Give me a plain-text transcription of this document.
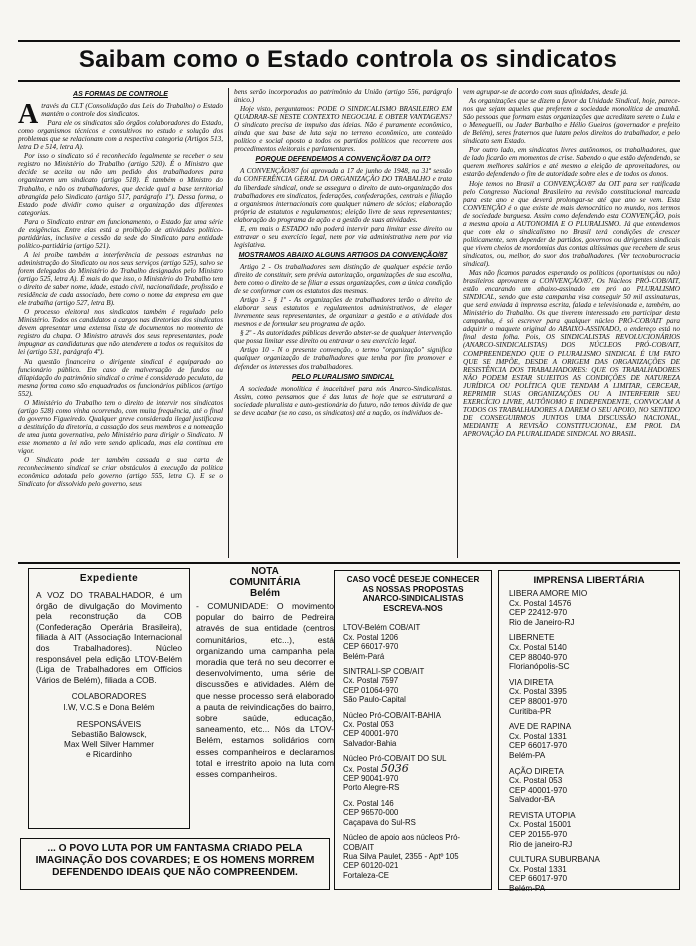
Saibam como o Estado controla os sindicatos
AS FORMAS DE CONTROLE

Através da CLT (Consolidação das Leis do Trabalho) o Estado mantém o controle dos sindicatos.

Para ele os sindicatos são órgãos colaboradores do Estado, como organismos técnicos e consultivos no estudo e solução dos problemas que se relacionam com a respectiva categoria (Artigos 513, letra D e 514, letra A).

Por isso o sindicato só é reconhecido legalmente se receber o seu registro no Ministério do Trabalho (artigo 520). É o Ministro que decide se aceita ou não um pedido dos trabalhadores para organizarem um sindicato (artigo 518). É também o Ministro do Trabalho, e não os trabalhadores, que decide qual a base territorial abrangida pelo Sindicato (artigo 517, parágrafo 1º). Dessa forma, o Estado pode dividir como quiser a organização das diferentes categorias.

Para o Sindicato entrar em funcionamento, o Estado faz uma série de exigências. Entre elas está a proibição de atividades político-partidárias, inclusive a cessão da sede do Sindicato para entidade político-partidária (artigo 521).

A lei proíbe também a interferência de pessoas estranhas na administração do Sindicato ou nos seus serviços (artigo 525), salvo se forem delegados do Ministério do Trabalho designados pelo Ministro (artigo 525, letra A). É mais do que isso, o Ministério do Trabalho tem o direito de saber nome, idade, estado civil, nacionalidade, profissão e residência de cada associado, bem como o nome da empresa em que ele trabalha (artigo 527, letra B).

O processo eleitoral nos sindicatos também é regulado pelo Ministério. Todos os candidatos a cargos nas diretorias dos sindicatos devem apresentar uma extensa lista de documentos no momento de registro da chapa. O Ministro através dos seus representantes, pode impugnar as candidaturas que não atenderem a todos os requisitos da lei (artigo 531, parágrafo 4º).

Na questão financeira o dirigente sindical é equiparado ao funcionário público. Em caso de malversação de fundos ou dilapidação do patrimônio sindical o crime é considerado peculato, da mesma forma como são enquadrados os funcionários públicos (artigo 552).

O Ministério do Trabalho tem o direito de intervir nos sindicatos (artigo 528) como vinha ocorrendo, com muita frequência, até o final do governo Figueiredo. Qualquer greve considerada ilegal justificava a destituição da diretoria, a cassação dos seus membros e a nomeação de uma junta governativa, pelo Ministério para dirigir o Sindicato. N esse momento a lei não vem sendo aplicada, mas ela continua em vigor.

O Sindicato pode ter também cassada a sua carta de reconhecimento sindical se criar obstáculos à execução da política econômica adotada pelo governo (artigo 555, letra C). E se o Sindicato for dissolvido pelo governo, seus

bens serão incorporados ao patrimônio da União (artigo 556, parágrafo único.)

Hoje visto, perguntamos: PODE O SINDICALISMO BRASILEIRO EM QUADRAR-SE NESTE CONTEXTO NEGOCIAL E OBTER VANTAGENS? O sindicato precisa de impulso das ideias. Não é puramente econômico, ainda que sua base de luta seja no terreno econômico, um conteúdo político e social oposto a todos os partidos políticos que recorrem aos procedimentos eleitorais e parlamentares.

PORQUE DEFENDEMOS A CONVENÇÃO/87 DA OIT?

A CONVENÇÃO/87 foi aprovada a 17 de junho de 1948, na 31ª sessão da CONFERÊNCIA GERAL DA ORGANIZAÇÃO DO TRABALHO e trata da liberdade sindical, onde se assegura o direito de auto-organização dos trabalhadores em sindicatos, federações, confederações, centrais e filiação a organismos internacionais com qualquer número de sócios; elaboração própria de estatutos e regulamentos; eleição livre de seus representantes; elaboração do programa de ação e a gestão de suas atividades.

E, em mais o ESTADO não poderá intervir para limitar esse direito ou entravar o seu exercício legal, nem por via administrativa nem por via legislativa.

MOSTRAMOS ABAIXO ALGUNS ARTIGOS DA CONVENÇÃO/87

Artigo 2 - Os trabalhadores sem distinção de qualquer espécie terão direito de constituir, sem prévia autorização, organizações de sua escolha, bem como o direito de se filiar a essas organizações, com a única condição de se conformar com os estatutos das mesmas.

Artigo 3 - § 1º - As organizações de trabalhadores terão o direito de elaborar seus estatutos e regulamentos administrativos, de eleger livremente seus representantes, de organizar a gestão e a atividade dos mesmos e de formular seu programa de ação.

§ 2º - As autoridades públicas deverão abster-se de qualquer intervenção que possa limitar esse direito ou entravar o seu exercício legal.

Artigo 10 - N o presente convenção, o termo "organização" significa qualquer organização de trabalhadores que tenha por fim promover e defender os interesses dos trabalhadores.

PELO PLURALISMO SINDICAL

A sociedade monolítica é inaceitável para nós Anarco-Sindicalistas. Assim, como pensamos que é das lutas de hoje que se estruturará a sociedade pluralista e auto-gestionária do futuro, não temos dúvida de que se deve acabar (se no caso, os sindicatos) até a nação, os indivíduos de-

vem agrupar-se de acordo com suas afinidades, desde já.

As organizações que se dizem a favor da Unidade Sindical, hoje, parece-nos que sejam aqueles que preferem a sociedade monolítica de amanhã. São pessoas que formam estas organizações que acreditam serem o Lula e o Meneguelli, ou Jader Barbalho e Hélio Gueiros (governador e prefeito de Belém), seres fraternos que lutam pelos direitos do trabalhador, e pelo sindicato sem Estado.

Por outro lado, em sindicatos livres autônomos, os trabalhadores, que de lado ficarão em momentos de crise. Sabendo o que estão defendendo, se querem melhores salários e até mesmo a eleição de aproveitadores, ou estarão defendendo o fim de autoridade sobre eles e de todos os donos.

Hoje temos no Brasil a CONVENÇÃO/87 da OIT para ser ratificada pelo Congresso Nacional Brasileiro na revisão constitucional marcada para este ano e que deverá prolongar-se até que ano se vem. Esta CONVENÇÃO é o que existe de mais democrático no mundo, nos termos de sociedade burguesa. Assim como defendendo esta CONVENÇÃO, pois a mesma apoia a AUTONOMIA E O PLURALISMO. Já que entendemos que com ela o sindicalismo no Brasil terá condições de crescer politicamente, sem depender de partidos, governos ou dirigentes sindicais que vivem cheios de mordomias das contas altíssimas que recebem de seus sindicatos, ou, melhor, do suor dos trabalhadores. (Ver tecnoburocracia sindical).

Mas não ficamos parados esperando os políticos (oportunistas ou não) brasileiros aprovarem a CONVENÇÃO/87, Os Núcleos PRÓ-COB/AIT, estão encarando um abaixo-assinado em pró ao PLURALISMO SINDICAL, sendo que esta campanha visa conseguir 50 mil assinaturas, que será enviada à imprensa escrita, falada e televisionada e, também, ao Ministério do Trabalho. Os que tiverem interessado em participar desta campanha, é só escrever para qualquer núcleo PRÓ-COB/AIT para adquirir o maquete original do ABAIXO-ASSINADO, o endereço está no final desta folha. Pois, OS SINDICALISTAS REVOLUCIONÁRIOS (ANARCO-SINDICALISTAS) DOS NÚCLEOS PRÓ-COB/AIT, COMPREENDENDO QUE O PLURALISMO SINDICAL É UM FATO QUE SE IMPÕE, DESDE A ORIGEM DAS ORGANIZAÇÕES DE RESISTÊNCIA DOS TRABALHADORES: QUE OS TRABALHADORES NÃO PODEM ESTAR SUJEITOS AS CONDIÇÕES DE NATUREZA JURÍDICA OU POLÍTICA QUE TENDAM A LIMITAR, CERCEAR, REPRIMIR SUAS ORGANIZAÇÕES OU A INTERFERIR SEU EXERCÍCIO LIVRE, AUTÔNOMO E INDEPENDENTE, CONVOCAM A TODOS OS TRABALHADORES A DAREM O SEU APOIO, NO SENTIDO DE CONSEGUIRMOS JUNTOS UMA DISCUSSÃO NACIONAL, MEDIANTE A REVISÃO CONSTITUCIONAL, EM PROL DA APROVAÇÃO DA PLURALIDADE SINDICAL NO BRASIL.

Expediente
A VOZ DO TRABALHADOR, é um órgão de divulgação do Movimento pela reconstrução da COB (Confederação Operária Brasileira), filiada à AIT (Associação Internacional dos Trabalhadores). Núcleo responsável pela edição LTOV-Belém (Liga de Trabalhadores em Offícios Vários de Belém), filiada a COB.
COLABORADORES
I.W, V.C.S e Dona Belém
RESPONSÁVEIS
Sebastião Balowsck,
Max Well Silver Hammer
e Ricardinho
NOTA
COMUNITÁRIA
Belém
- COMUNIDADE: O movimento popular do bairro de Pedreira através de sua entidade (centros comunitários, etc...), está organizando uma campanha pela moradia que terá no seu decorrer e desenvolvimento, uma série de discussões e atividades. Além de que nesse processo será elaborado a pauta de reivindicações do bairro, sobre saúde, educação, saneamento, etc... Nós da LTOV-Belém, estamos solidários com esses companheiros e declaramos total e irrestrito apoio na luta com esses companheiros.
CASO VOCÊ DESEJE CONHECER AS NOSSAS PROPOSTAS ANARCO-SINDICALISTAS ESCREVA-NOS
LTOV-Belém COB/AIT
Cx. Postal 1206
CEP 66017-970
Belém-Pará
SINTRALI-SP COB/AIT
Cx. Postal 7597
CEP 01064-970
São Paulo-Capital
Núcleo Pró-COB/AIT-BAHIA
Cx. Postal 053
CEP 40001-970
Salvador-Bahia
Núcleo Pró-COB/AIT DO SUL
Cx. Postal 5036
CEP 90041-970
Porto Alegre-RS
Cx. Postal 146
CEP 96570-000
Caçapava do Sul-RS
Núcleo de apoio aos núcleos Pró-COB/AIT
Rua Silva Paulet, 2355 - Aptº 105
CEP 60120-021
Fortaleza-CE
IMPRENSA LIBERTÁRIA
LIBERA AMORE MIO
Cx. Postal 14576
CEP 22412-970
Rio de Janeiro-RJ
LIBERNETE
Cx. Postal 5140
CEP 88040-970
Florianópolis-SC
VIA DIRETA
Cx. Postal 3395
CEP 88001-970
Curitiba-PR
AVE DE RAPINA
Cx. Postal 1331
CEP 66017-970
Belém-PA
AÇÃO DIRETA
Cx. Postal 053
CEP 40001-970
Salvador-BA
REVISTA UTOPIA
Cx. Postal 15001
CEP 20155-970
Rio de janeiro-RJ
CULTURA SUBURBANA
Cx. Postal 1331
CEP 66017-970
Belém-PA
... O POVO LUTA POR UM FANTASMA CRIADO PELA IMAGINAÇÃO DOS COVARDES; E OS HOMENS MORREM DEFENDENDO IDEAIS QUE NÃO COMPREENDEM.
